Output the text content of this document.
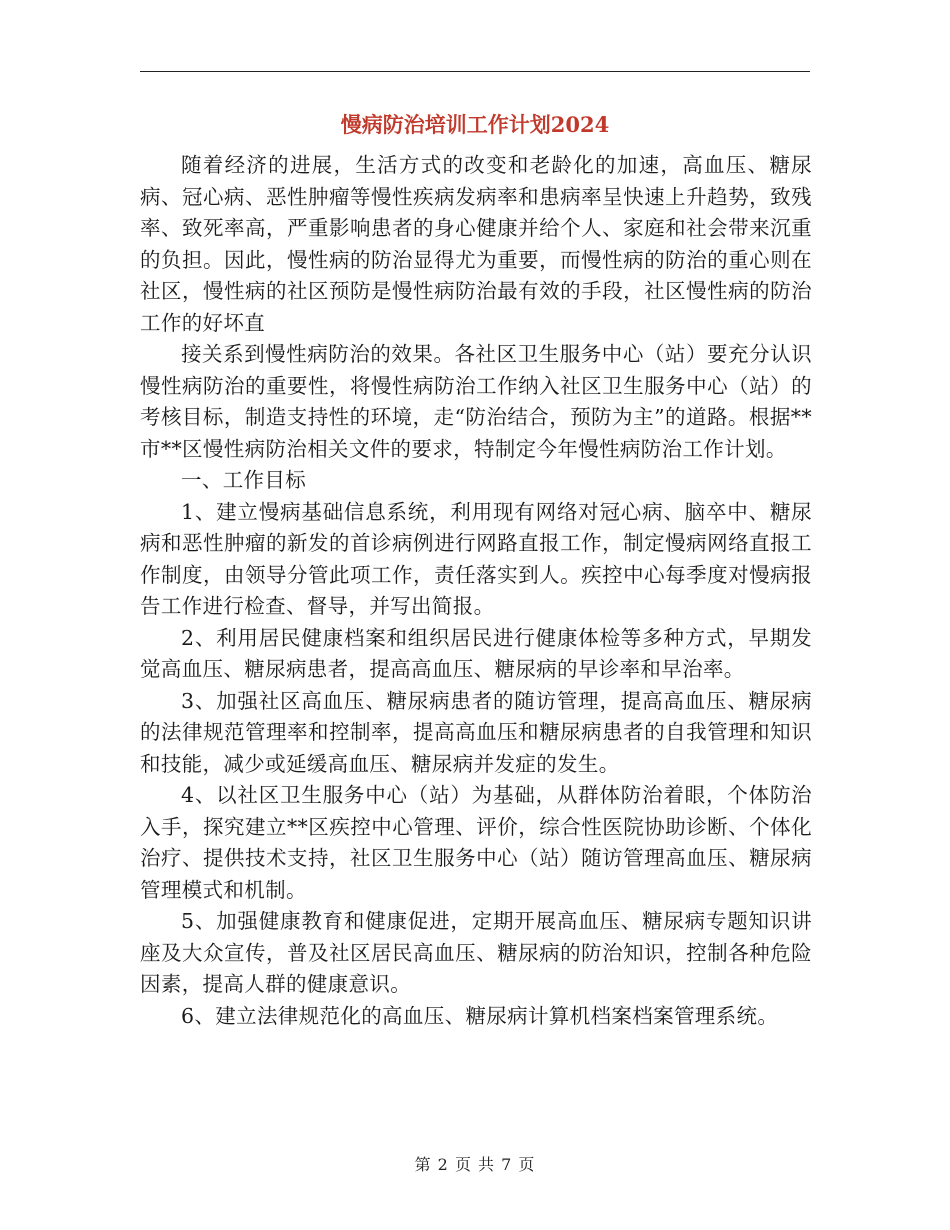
慢病防治培训工作计划2024

随着经济的进展，生活方式的改变和老龄化的加速，高血压、糖尿病、冠心病、恶性肿瘤等慢性疾病发病率和患病率呈快速上升趋势，致残率、致死率高，严重影响患者的身心健康并给个人、家庭和社会带来沉重的负担。因此，慢性病的防治显得尤为重要，而慢性病的防治的重心则在社区，慢性病的社区预防是慢性病防治最有效的手段，社区慢性病的防治工作的好坏直

接关系到慢性病防治的效果。各社区卫生服务中心（站）要充分认识慢性病防治的重要性，将慢性病防治工作纳入社区卫生服务中心（站）的考核目标，制造支持性的环境，走“防治结合，预防为主”的道路。根据**市**区慢性病防治相关文件的要求，特制定今年慢性病防治工作计划。

一、工作目标

1、建立慢病基础信息系统，利用现有网络对冠心病、脑卒中、糖尿病和恶性肿瘤的新发的首诊病例进行网路直报工作，制定慢病网络直报工作制度，由领导分管此项工作，责任落实到人。疾控中心每季度对慢病报告工作进行检查、督导，并写出简报。

2、利用居民健康档案和组织居民进行健康体检等多种方式，早期发觉高血压、糖尿病患者，提高高血压、糖尿病的早诊率和早治率。

3、加强社区高血压、糖尿病患者的随访管理，提高高血压、糖尿病的法律规范管理率和控制率，提高高血压和糖尿病患者的自我管理和知识和技能，减少或延缓高血压、糖尿病并发症的发生。

4、以社区卫生服务中心（站）为基础，从群体防治着眼，个体防治入手，探究建立**区疾控中心管理、评价，综合性医院协助诊断、个体化治疗、提供技术支持，社区卫生服务中心（站）随访管理高血压、糖尿病管理模式和机制。

5、加强健康教育和健康促进，定期开展高血压、糖尿病专题知识讲座及大众宣传，普及社区居民高血压、糖尿病的防治知识，控制各种危险因素，提高人群的健康意识。

6、建立法律规范化的高血压、糖尿病计算机档案档案管理系统。

第 2 页 共 7 页
